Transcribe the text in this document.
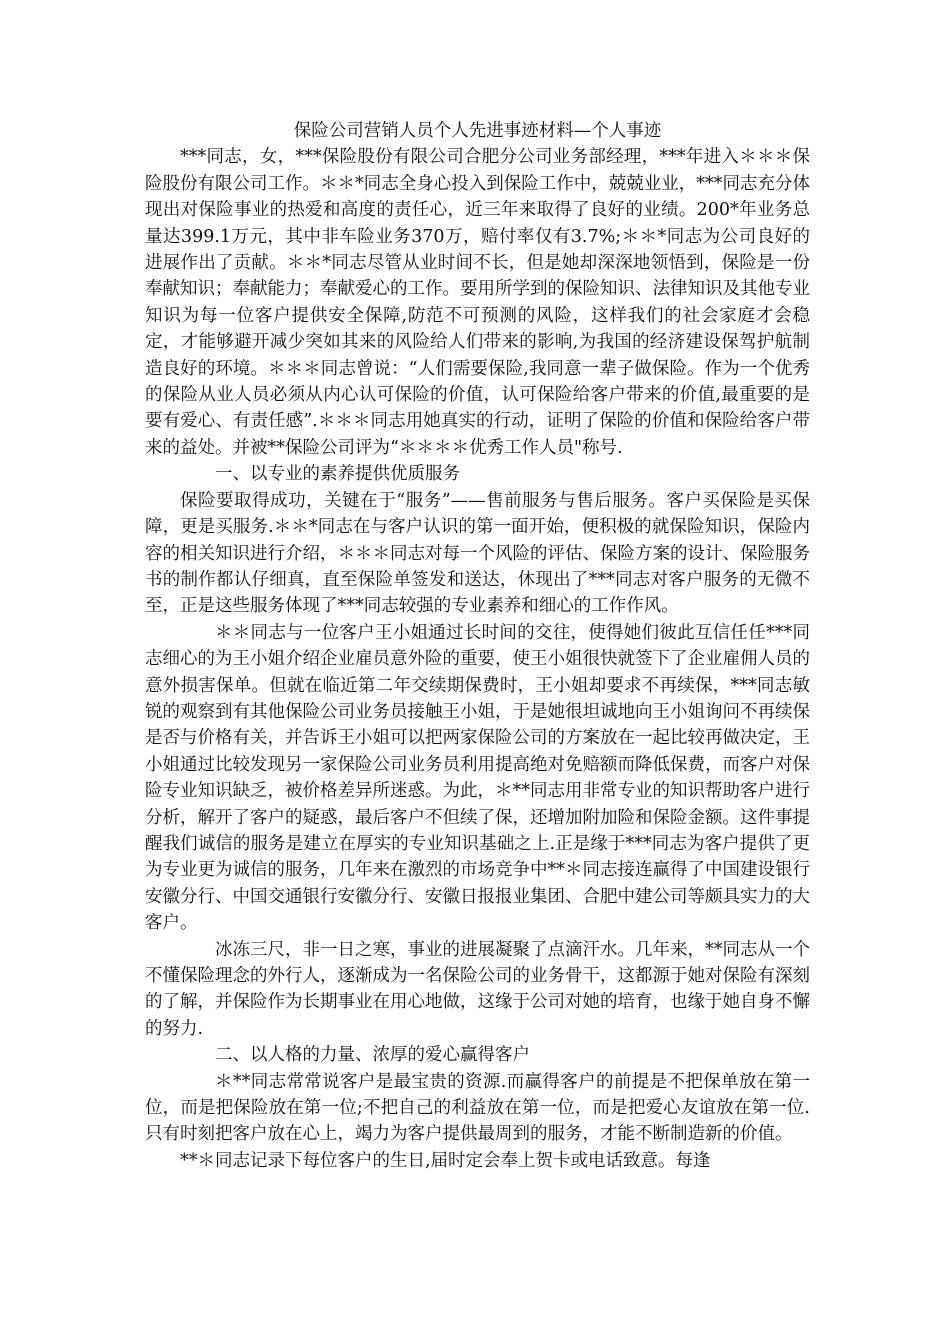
保险公司营销人员个人先进事迹材料—个人事迹

***同志，女，***保险股份有限公司合肥分公司业务部经理，***年进入＊＊＊保险股份有限公司工作。＊＊*同志全身心投入到保险工作中，兢兢业业，***同志充分体现出对保险事业的热爱和高度的责任心，近三年来取得了良好的业绩。200*年业务总量达399.1万元，其中非车险业务370万，赔付率仅有3.7%;＊＊*同志为公司良好的进展作出了贡献。＊＊*同志尽管从业时间不长，但是她却深深地领悟到，保险是一份奉献知识；奉献能力；奉献爱心的工作。要用所学到的保险知识、法律知识及其他专业知识为每一位客户提供安全保障,防范不可预测的风险，这样我们的社会家庭才会稳定，才能够避开减少突如其来的风险给人们带来的影响,为我国的经济建设保驾护航制造良好的环境。＊＊＊同志曾说：“人们需要保险,我同意一辈子做保险。作为一个优秀的保险从业人员必须从内心认可保险的价值，认可保险给客户带来的价值,最重要的是要有爱心、有责任感”.＊＊＊同志用她真实的行动，证明了保险的价值和保险给客户带来的益处。并被**保险公司评为“＊＊＊＊优秀工作人员"称号.

一、以专业的素养提供优质服务

保险要取得成功，关键在于“服务”——售前服务与售后服务。客户买保险是买保障，更是买服务.＊＊*同志在与客户认识的第一面开始，便积极的就保险知识，保险内容的相关知识进行介绍，＊＊＊同志对每一个风险的评估、保险方案的设计、保险服务书的制作都认仔细真，直至保险单签发和送达，休现出了***同志对客户服务的无微不至，正是这些服务体现了***同志较强的专业素养和细心的工作作风。

＊＊同志与一位客户王小姐通过长时间的交往，使得她们彼此互信任任***同志细心的为王小姐介绍企业雇员意外险的重要，使王小姐很快就签下了企业雇佣人员的意外损害保单。但就在临近第二年交续期保费时，王小姐却要求不再续保，***同志敏锐的观察到有其他保险公司业务员接触王小姐，于是她很坦诚地向王小姐询问不再续保是否与价格有关，并告诉王小姐可以把两家保险公司的方案放在一起比较再做决定，王小姐通过比较发现另一家保险公司业务员利用提高绝对免赔额而降低保费，而客户对保险专业知识缺乏，被价格差异所迷惑。为此，＊**同志用非常专业的知识帮助客户进行分析，解开了客户的疑惑，最后客户不但续了保，还增加附加险和保险金额。这件事提醒我们诚信的服务是建立在厚实的专业知识基础之上.正是缘于***同志为客户提供了更为专业更为诚信的服务，几年来在激烈的市场竞争中**＊同志接连赢得了中国建设银行安徽分行、中国交通银行安徽分行、安徽日报报业集团、合肥中建公司等颇具实力的大客户。

冰冻三尺，非一日之寒，事业的进展凝聚了点滴汗水。几年来，**同志从一个不懂保险理念的外行人，逐渐成为一名保险公司的业务骨干，这都源于她对保险有深刻的了解，并保险作为长期事业在用心地做，这缘于公司对她的培育，也缘于她自身不懈的努力.

二、以人格的力量、浓厚的爱心赢得客户

＊**同志常常说客户是最宝贵的资源.而赢得客户的前提是不把保单放在第一位，而是把保险放在第一位;不把自己的利益放在第一位，而是把爱心友谊放在第一位.只有时刻把客户放在心上，竭力为客户提供最周到的服务，才能不断制造新的价值。

**＊同志记录下每位客户的生日,届时定会奉上贺卡或电话致意。每逢
